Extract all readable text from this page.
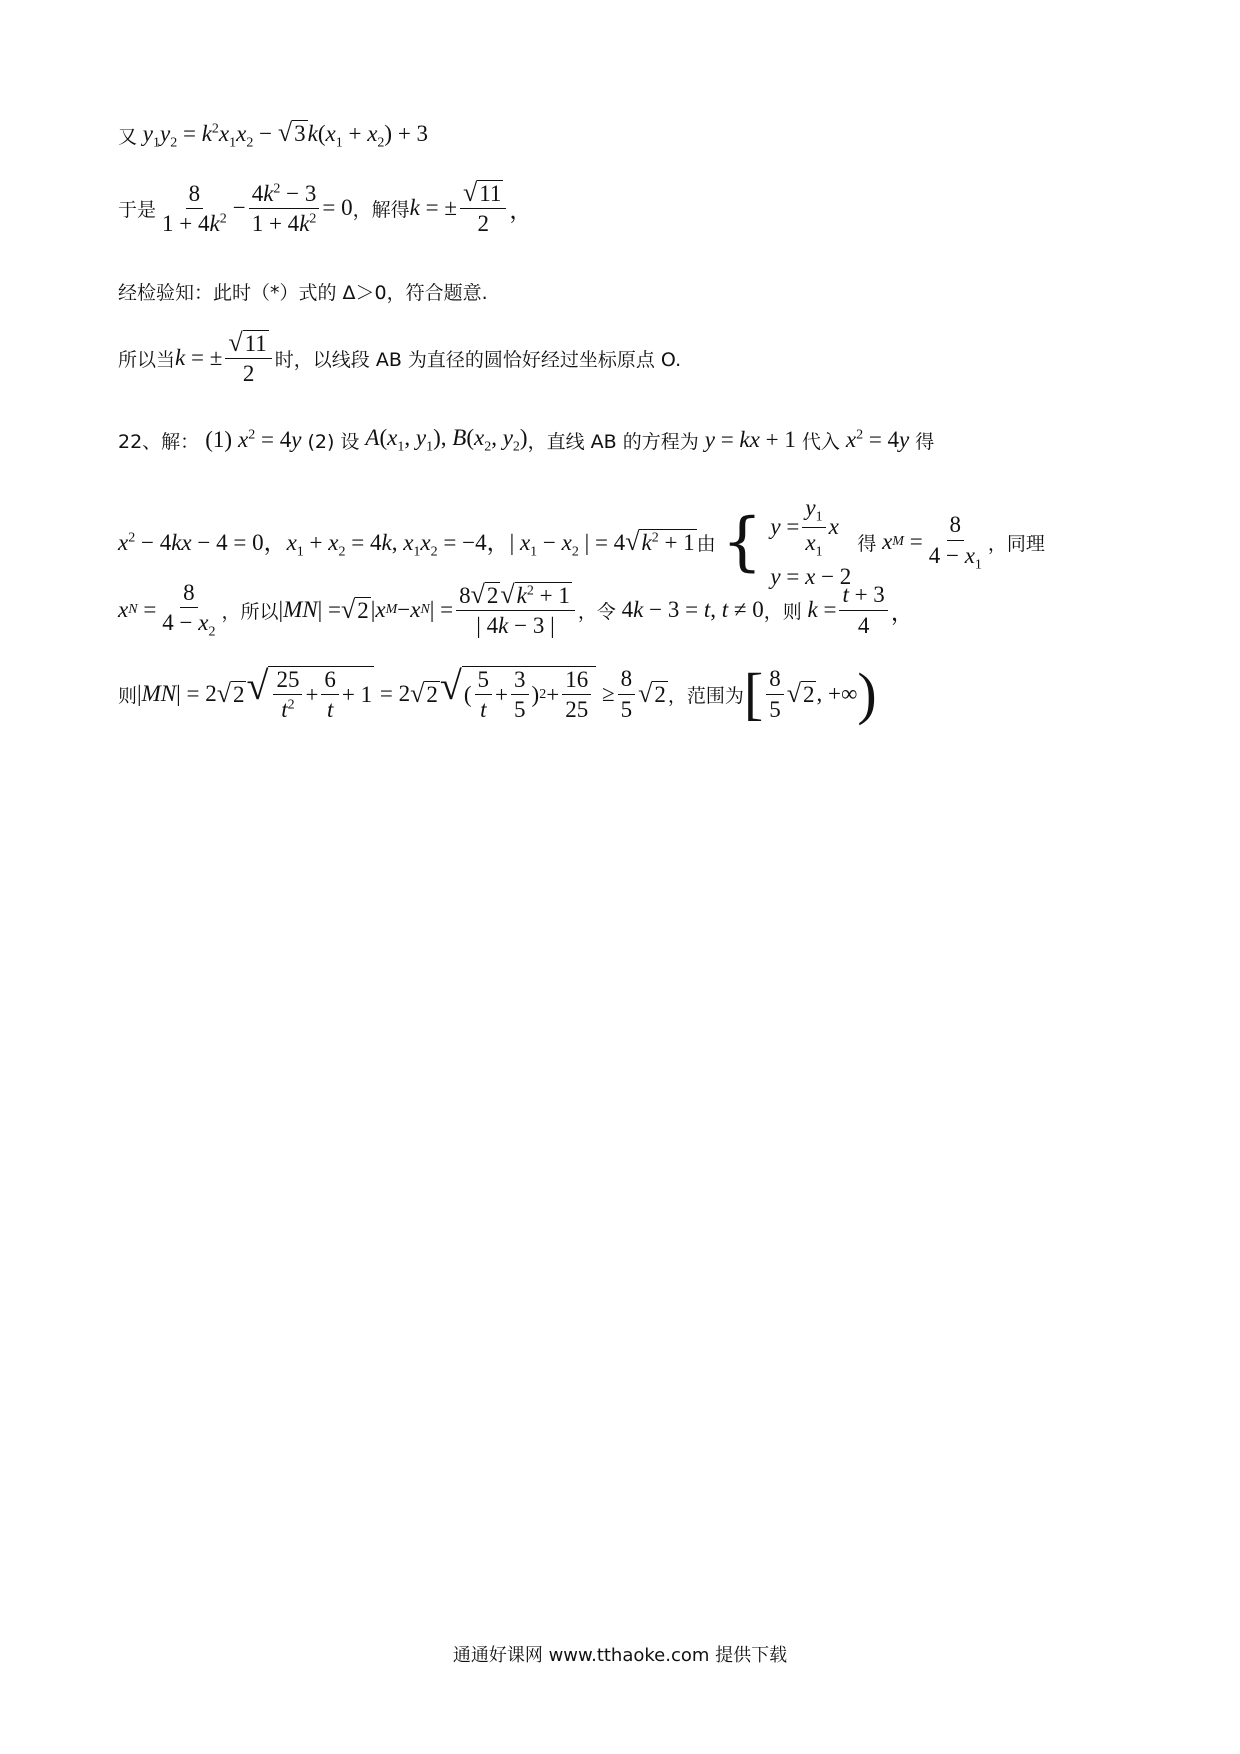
又 $y_1y_2 = k^2x_1x_2$ − √ 3 $k(x_1 + x_2) + 3$
于是 $\frac{8}{1 + 4k^2} - \frac{4k^2 - 3}{1 + 4k^2} = 0$ ，解得 k = ± $\frac{√ 11}{2}$ ，
经检验知：此时（*）式的 Δ＞0，符合题意.
所以当 k = ± $\frac{√ 11}{2}$ 时，以线段 AB 为直径的圆恰好经过坐标原点 O.
22、解： (1) $x^2 = 4y$ (2) 设 $A(x_1$, $y_1$), $B(x_2$, $y_2$) ，直线 AB 的方程为 y = kx + 1 代入 $x^2 = 4y$ 得
$x^2 - 4kx - 4 = 0$，$x_1 + x_2 = 4k$, $x_1x_2 = -4$，| $x_1 - x_2$ | = 4 √ $k^2 + 1$ 由 { $y = \frac{y_1}{x_1}$ x
y = x − 2
得
x $M = \frac{8}{4 - x_1}$ ，同理
x $N = \frac{8}{4 - x_2}$ ，所以 | MN | = √ 2 | x M − x N | = $\frac{8 √ 2 √ k^2 + 1}{| 4k - 3 |}$ ，令 4k − 3 = t, t ≠ 0 ，则
$k = \frac{t + 3}{4}$ ，
则 | MN | = 2 √ 2 √ $\frac{25}{t^2} + \frac{6}{t} + 1 = 2$ √ 2 √ ( $\frac{5}{t} + \frac{3}{5}$ ) $2 + \frac{16}{25} \ge \frac{8}{5}$ √ 2 ，范围为 [ $\frac{8}{5}$ √ 2 , +∞ )
通通好课网 www.tthaoke.com 提供下载
